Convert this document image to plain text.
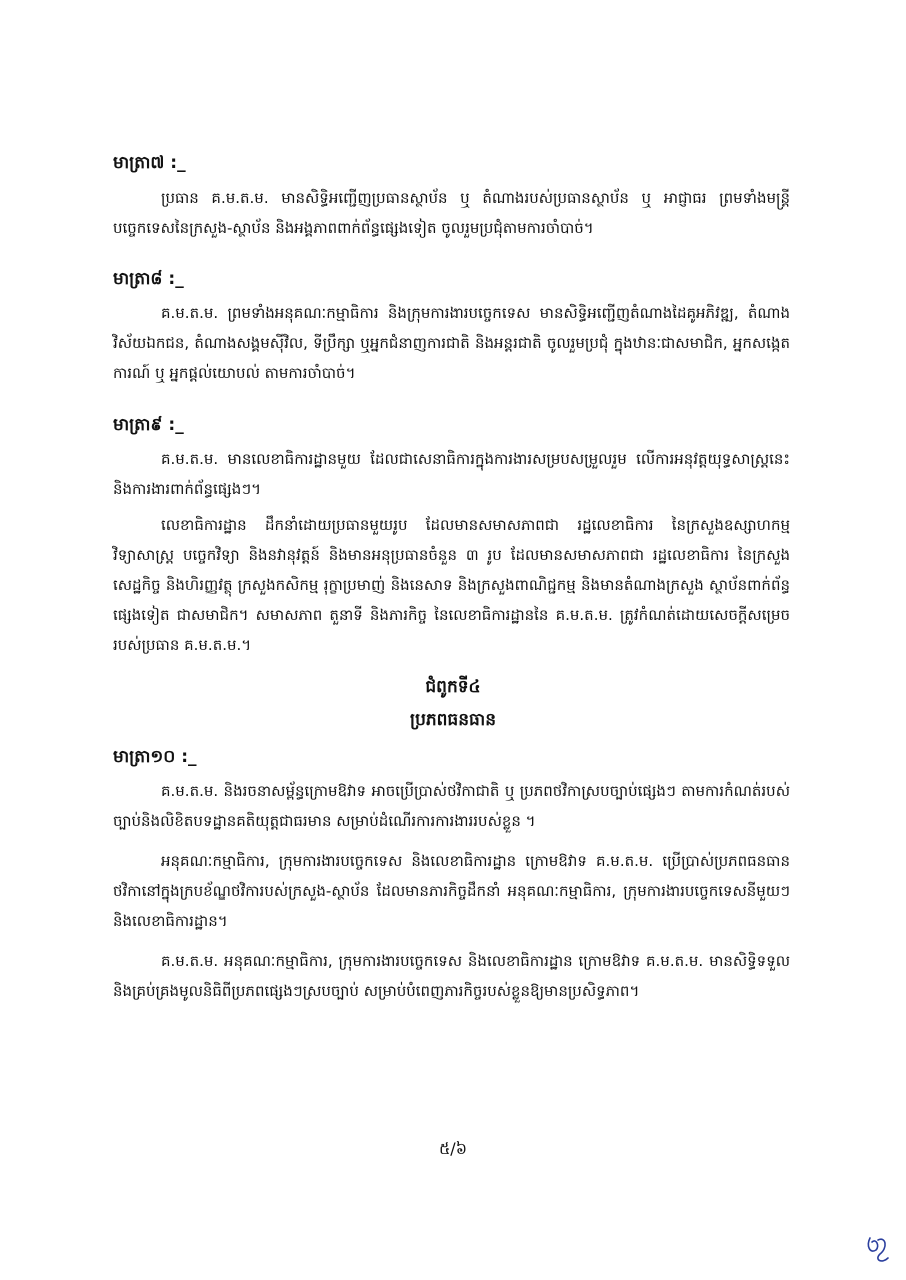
មាត្រា៧ :_

ប្រធាន គ.ម.ត.ម. មានសិទ្ធិអញ្ជើញប្រធានស្ថាប័ន ឬ តំណាងរបស់ប្រធានស្ថាប័ន ឬ អាជ្ញាធរ ព្រមទាំងមន្ត្រីបច្ចេកទេសនៃក្រសួង-ស្ថាប័ន និងអង្គភាពពាក់ព័ន្ធផ្សេងទៀត ចូលរួមប្រជុំតាមការចាំបាច់។

មាត្រា៨ :_

គ.ម.ត.ម. ព្រមទាំងអនុគណៈកម្មាធិការ និងក្រុមការងារបច្ចេកទេស មានសិទ្ធិអញ្ជើញតំណាងដៃគូអភិវឌ្ឍ, តំណាងវិស័យឯកជន, តំណាងសង្គមស៊ីវិល, ទីប្រឹក្សា ឬអ្នកជំនាញការជាតិ និងអន្តរជាតិ ចូលរួមប្រជុំ ក្នុងឋានៈជាសមាជិក, អ្នកសង្កេតការណ៍ ឬ អ្នកផ្តល់យោបល់ តាមការចាំបាច់។

មាត្រា៩ :_

គ.ម.ត.ម. មានលេខាធិការដ្ឋានមួយ ដែលជាសេនាធិការក្នុងការងារសម្របសម្រួលរួម លើការអនុវត្តយុទ្ធសាស្ត្រនេះ និងការងារពាក់ព័ន្ធផ្សេងៗ។

លេខាធិការដ្ឋាន ដឹកនាំដោយប្រធានមួយរូប ដែលមានសមាសភាពជា រដ្ឋលេខាធិការ នៃក្រសួងឧស្សាហកម្ម វិទ្យាសាស្ត្រ បច្ចេកវិទ្យា និងនវានុវត្តន៍ និងមានអនុប្រធានចំនួន ៣ រូប ដែលមានសមាសភាពជា រដ្ឋលេខាធិការ នៃក្រសួងសេដ្ឋកិច្ច និងហិរញ្ញវត្ថុ ក្រសួងកសិកម្ម រុក្ខាប្រមាញ់ និងនេសាទ និងក្រសួងពាណិជ្ជកម្ម និងមានតំណាងក្រសួង ស្ថាប័នពាក់ព័ន្ធផ្សេងទៀត ជាសមាជិក។ សមាសភាព តួនាទី និងភារកិច្ច នៃលេខាធិការដ្ឋាននៃ គ.ម.ត.ម. ត្រូវកំណត់ដោយសេចក្តីសម្រេចរបស់ប្រធាន គ.ម.ត.ម.។

ជំពូកទី៤
ប្រភពធនធាន
មាត្រា១០ :_

គ.ម.ត.ម. និងរចនាសម្ព័ន្ធក្រោមឱវាទ អាចប្រើប្រាស់ថវិកាជាតិ ឬ ប្រភពថវិកាស្របច្បាប់ផ្សេងៗ តាមការកំណត់របស់ច្បាប់និងលិខិតបទដ្ឋានគតិយុត្តជាធរមាន សម្រាប់ដំណើរការការងាររបស់ខ្លួន ។

អនុគណៈកម្មាធិការ, ក្រុមការងារបច្ចេកទេស និងលេខាធិការដ្ឋាន ក្រោមឱវាទ គ.ម.ត.ម. ប្រើប្រាស់ប្រភពធនធានថវិកានៅក្នុងក្របខ័ណ្ឌថវិការបស់ក្រសួង-ស្ថាប័ន ដែលមានភារកិច្ចដឹកនាំ អនុគណៈកម្មាធិការ, ក្រុមការងារបច្ចេកទេសនីមួយៗ និងលេខាធិការដ្ឋាន។

គ.ម.ត.ម. អនុគណៈកម្មាធិការ, ក្រុមការងារបច្ចេកទេស និងលេខាធិការដ្ឋាន ក្រោមឱវាទ គ.ម.ត.ម. មានសិទ្ធិទទួល និងគ្រប់គ្រងមូលនិធិពីប្រភពផ្សេងៗស្របច្បាប់ សម្រាប់បំពេញភារកិច្ចរបស់ខ្លួនឱ្យមានប្រសិទ្ធភាព។

៥/៦
